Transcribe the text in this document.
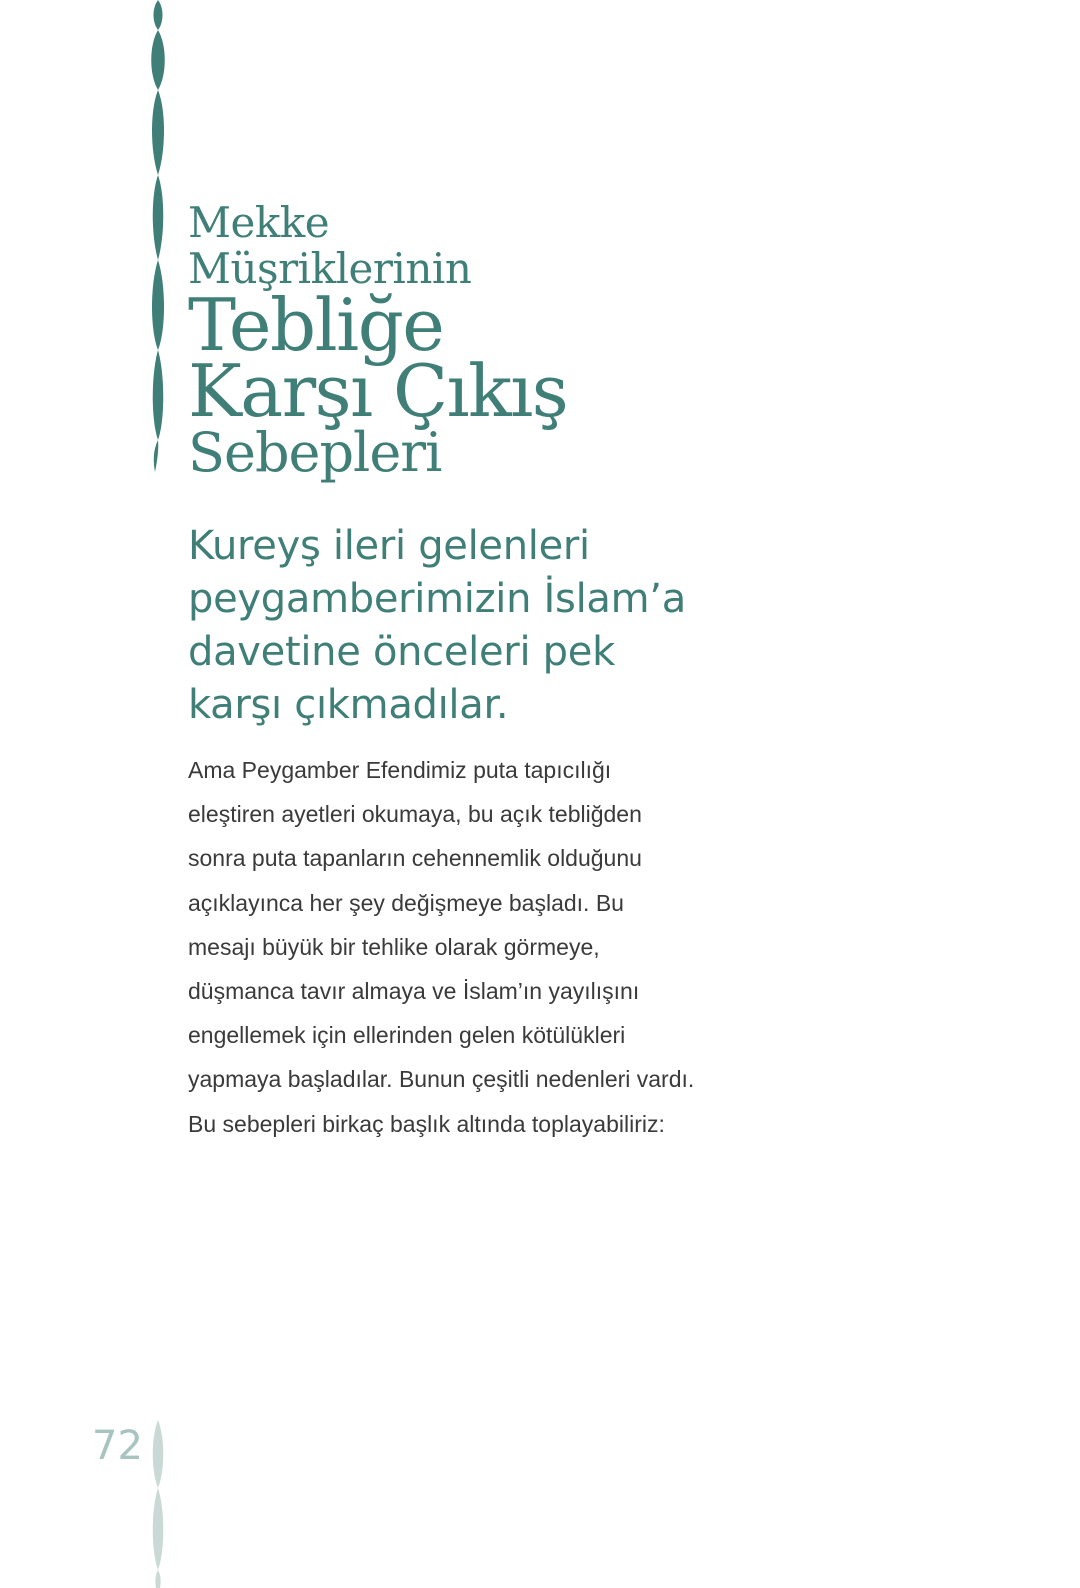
Mekke
Müşriklerinin
Tebliğe
Karşı Çıkış
Sebepleri

Kureyş ileri gelenleri peygamberimizin İslam’a davetine önceleri pek karşı çıkmadılar.

Ama Peygamber Efendimiz puta tapıcılığı eleştiren ayetleri okumaya, bu açık tebliğden sonra puta tapanların cehennemlik olduğunu açıklayınca her şey değişmeye başladı. Bu mesajı büyük bir tehlike olarak görmeye, düşmanca tavır almaya ve İslam’ın yayılışını engellemek için ellerinden gelen kötülükleri yapmaya başladılar. Bunun çeşitli nedenleri vardı. Bu sebepleri birkaç başlık altında toplayabiliriz:

72
